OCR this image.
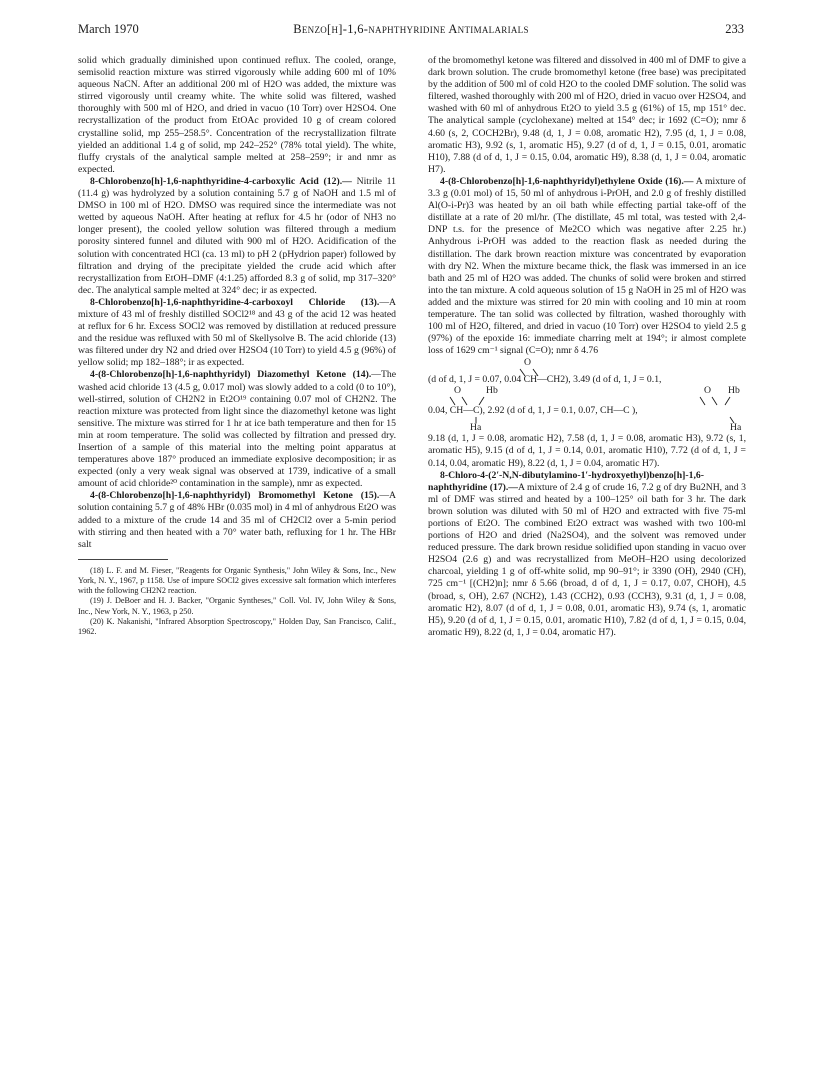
March 1970	Benzo[h]-1,6-naphthyridine Antimalarials	233

solid which gradually diminished upon continued reflux. The cooled, orange, semisolid reaction mixture was stirred vigorously while adding 600 ml of 10% aqueous NaCN. After an additional 200 ml of H2O was added, the mixture was stirred vigorously until creamy white. The white solid was filtered, washed thoroughly with 500 ml of H2O, and dried in vacuo (10 Torr) over H2SO4. One recrystallization of the product from EtOAc provided 10 g of cream colored crystalline solid, mp 255–258.5°. Concentration of the recrystallization filtrate yielded an additional 1.4 g of solid, mp 242–252° (78% total yield). The white, fluffy crystals of the analytical sample melted at 258–259°; ir and nmr as expected.

8-Chlorobenzo[h]-1,6-naphthyridine-4-carboxylic Acid (12).— Nitrile 11 (11.4 g) was hydrolyzed by a solution containing 5.7 g of NaOH and 1.5 ml of DMSO in 100 ml of H2O. DMSO was required since the intermediate was not wetted by aqueous NaOH. After heating at reflux for 4.5 hr (odor of NH3 no longer present), the cooled yellow solution was filtered through a medium porosity sintered funnel and diluted with 900 ml of H2O. Acidification of the solution with concentrated HCl (ca. 13 ml) to pH 2 (pHydrion paper) followed by filtration and drying of the precipitate yielded the crude acid which after recrystallization from EtOH–DMF (4:1.25) afforded 8.3 g of solid, mp 317–320° dec. The analytical sample melted at 324° dec; ir as expected.

8-Chlorobenzo[h]-1,6-naphthyridine-4-carboxoyl Chloride (13).—A mixture of 43 ml of freshly distilled SOCl2¹⁸ and 43 g of the acid 12 was heated at reflux for 6 hr. Excess SOCl2 was removed by distillation at reduced pressure and the residue was refluxed with 50 ml of Skellysolve B. The acid chloride (13) was filtered under dry N2 and dried over H2SO4 (10 Torr) to yield 4.5 g (96%) of yellow solid; mp 182–188°; ir as expected.

4-(8-Chlorobenzo[h]-1,6-naphthyridyl) Diazomethyl Ketone (14).—The washed acid chloride 13 (4.5 g, 0.017 mol) was slowly added to a cold (0 to 10°), well-stirred, solution of CH2N2 in Et2O¹⁹ containing 0.07 mol of CH2N2. The reaction mixture was protected from light since the diazomethyl ketone was light sensitive. The mixture was stirred for 1 hr at ice bath temperature and then for 15 min at room temperature. The solid was collected by filtration and pressed dry. Insertion of a sample of this material into the melting point apparatus at temperatures above 187° produced an immediate explosive decomposition; ir as expected (only a very weak signal was observed at 1739, indicative of a small amount of acid chloride²⁰ contamination in the sample), nmr as expected.

4-(8-Chlorobenzo[h]-1,6-naphthyridyl) Bromomethyl Ketone (15).—A solution containing 5.7 g of 48% HBr (0.035 mol) in 4 ml of anhydrous Et2O was added to a mixture of the crude 14 and 35 ml of CH2Cl2 over a 5-min period with stirring and then heated with a 70° water bath, refluxing for 1 hr. The HBr salt

(18) L. F. and M. Fieser, "Reagents for Organic Synthesis," John Wiley & Sons, Inc., New York, N. Y., 1967, p 1158. Use of impure SOCl2 gives excessive salt formation which interferes with the following CH2N2 reaction.

(19) J. DeBoer and H. J. Backer, "Organic Syntheses," Coll. Vol. IV, John Wiley & Sons, Inc., New York, N. Y., 1963, p 250.

(20) K. Nakanishi, "Infrared Absorption Spectroscopy," Holden Day, San Francisco, Calif., 1962.

of the bromomethyl ketone was filtered and dissolved in 400 ml of DMF to give a dark brown solution. The crude bromomethyl ketone (free base) was precipitated by the addition of 500 ml of cold H2O to the cooled DMF solution. The solid was filtered, washed thoroughly with 200 ml of H2O, dried in vacuo over H2SO4, and washed with 60 ml of anhydrous Et2O to yield 3.5 g (61%) of 15, mp 151° dec. The analytical sample (cyclohexane) melted at 154° dec; ir 1692 (C=O); nmr δ 4.60 (s, 2, COCH2Br), 9.48 (d, 1, J = 0.08, aromatic H2), 7.95 (d, 1, J = 0.08, aromatic H3), 9.92 (s, 1, aromatic H5), 9.27 (d of d, 1, J = 0.15, 0.01, aromatic H10), 7.88 (d of d, 1, J = 0.15, 0.04, aromatic H9), 8.38 (d, 1, J = 0.04, aromatic H7).

4-(8-Chlorobenzo[h]-1,6-naphthyridyl)ethylene Oxide (16).— A mixture of 3.3 g (0.01 mol) of 15, 50 ml of anhydrous i-PrOH, and 2.0 g of freshly distilled Al(O-i-Pr)3 was heated by an oil bath while effecting partial take-off of the distillate at a rate of 20 ml/hr. (The distillate, 45 ml total, was tested with 2,4-DNP t.s. for the presence of Me2CO which was negative after 2.25 hr.) Anhydrous i-PrOH was added to the reaction flask as needed during the distillation. The dark brown reaction mixture was concentrated by evaporation with dry N2. When the mixture became thick, the flask was immersed in an ice bath and 25 ml of H2O was added. The chunks of solid were broken and stirred into the tan mixture. A cold aqueous solution of 15 g NaOH in 25 ml of H2O was added and the mixture was stirred for 20 min with cooling and 10 min at room temperature. The tan solid was collected by filtration, washed thoroughly with 100 ml of H2O, filtered, and dried in vacuo (10 Torr) over H2SO4 to yield 2.5 g (97%) of the epoxide 16: immediate charring melt at 194°; ir almost complete loss of 1629 cm⁻¹ signal (C=O); nmr δ 4.76

O
(d of d, 1, J = 0.07, 0.04 CH—CH2), 3.49 (d of d, 1, J = 0.1,
O	Hb	O Hb
0.04, CH—C), 2.92 (d of d, 1, J = 0.1, 0.07, CH—C ),
Ha	Ha

9.18 (d, 1, J = 0.08, aromatic H2), 7.58 (d, 1, J = 0.08, aromatic H3), 9.72 (s, 1, aromatic H5), 9.15 (d of d, 1, J = 0.14, 0.01, aromatic H10), 7.72 (d of d, 1, J = 0.14, 0.04, aromatic H9), 8.22 (d, 1, J = 0.04, aromatic H7).

8-Chloro-4-(2′-N,N-dibutylamino-1′-hydroxyethyl)benzo[h]-1,6-naphthyridine (17).—A mixture of 2.4 g of crude 16, 7.2 g of dry Bu2NH, and 3 ml of DMF was stirred and heated by a 100–125° oil bath for 3 hr. The dark brown solution was diluted with 50 ml of H2O and extracted with five 75-ml portions of Et2O. The combined Et2O extract was washed with two 100-ml portions of H2O and dried (Na2SO4), and the solvent was removed under reduced pressure. The dark brown residue solidified upon standing in vacuo over H2SO4 (2.6 g) and was recrystallized from MeOH–H2O using decolorized charcoal, yielding 1 g of off-white solid, mp 90–91°; ir 3390 (OH), 2940 (CH), 725 cm⁻¹ [(CH2)n]; nmr δ 5.66 (broad, d of d, 1, J = 0.17, 0.07, CHOH), 4.5 (broad, s, OH), 2.67 (NCH2), 1.43 (CCH2), 0.93 (CCH3), 9.31 (d, 1, J = 0.08, aromatic H2), 8.07 (d of d, 1, J = 0.08, 0.01, aromatic H3), 9.74 (s, 1, aromatic H5), 9.20 (d of d, 1, J = 0.15, 0.01, aromatic H10), 7.82 (d of d, 1, J = 0.15, 0.04, aromatic H9), 8.22 (d, 1, J = 0.04, aromatic H7).
